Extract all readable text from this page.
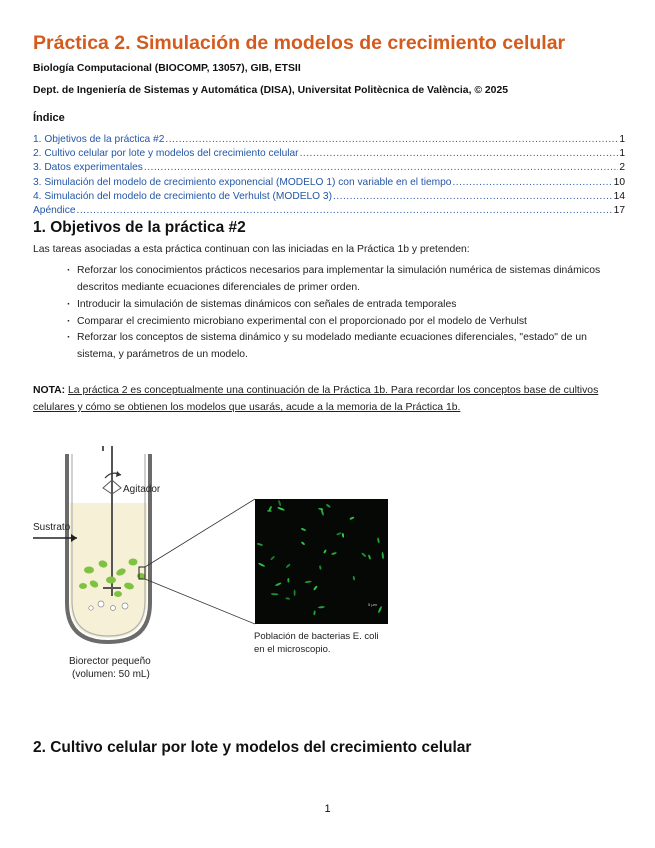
Práctica 2. Simulación de modelos de crecimiento celular
Biología Computacional (BIOCOMP, 13057), GIB, ETSII
Dept. de Ingeniería de Sistemas y Automática (DISA), Universitat Politècnica de València, © 2025
Índice
1. Objetivos de la práctica #2 .....	1
2. Cultivo celular por lote y modelos del crecimiento celular .....	1
3. Datos experimentales .....	2
3. Simulación del modelo de crecimiento exponencial (MODELO 1) con variable en el tiempo .....	10
4. Simulación del modelo de crecimiento de Verhulst (MODELO 3) .....	14
Apéndice .....	17
1. Objetivos de la práctica #2
Las tareas asociadas a esta práctica continuan con las iniciadas en la Práctica 1b y pretenden:
· Reforzar los conocimientos prácticos necesarios para implementar la simulación numérica de sistemas dinámicos descritos mediante ecuaciones diferenciales de primer orden.
· Introducir la simulación de sistemas dinámicos con señales de entrada temporales
· Comparar el crecimiento microbiano experimental con el proporcionado por el modelo de Verhulst
· Reforzar los conceptos de sistema dinámico y su modelado mediante ecuaciones diferenciales, "estado" de un sistema, y parámetros de un modelo.
NOTA: La práctica 2 es conceptualmente una continuación de la Práctica 1b. Para recordar los conceptos base de cultivos celulares y cómo se obtienen los modelos que usarás, acude a la memoria de la Práctica 1b.
5 µm
Agitador
Sustrato
Biorector pequeño
(volumen: 50 mL)
Población de bacterias E. coli
en el microscopio.
2. Cultivo celular por lote y modelos del crecimiento celular
1
